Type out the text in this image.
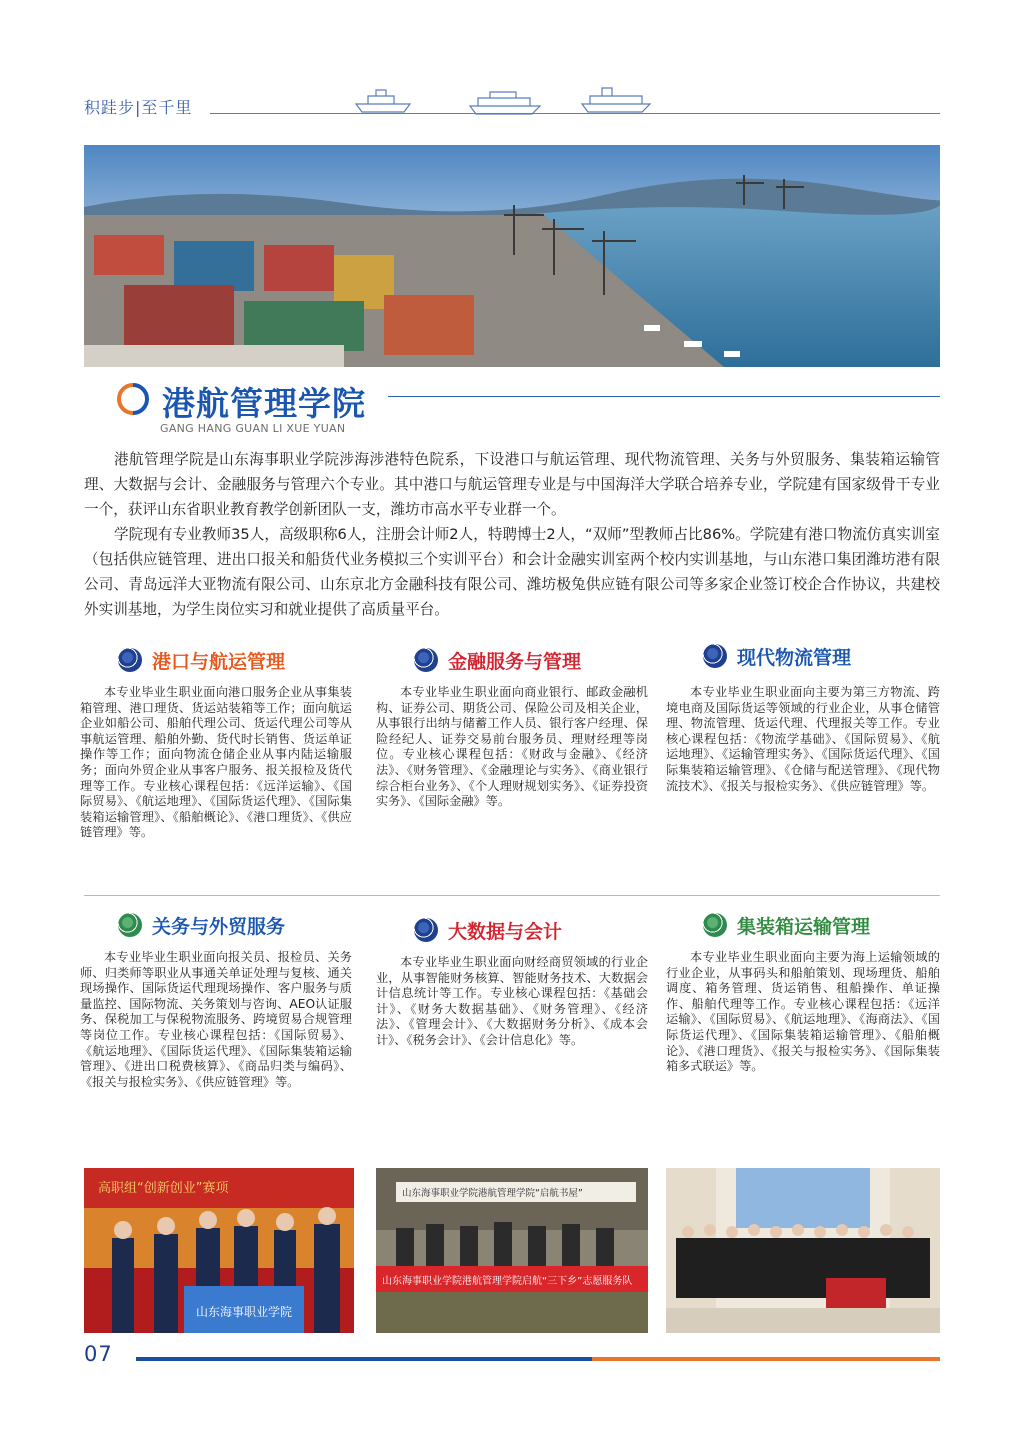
积跬步|至千里
港航管理学院
GANG HANG GUAN LI XUE YUAN

港航管理学院是山东海事职业学院涉海涉港特色院系，下设港口与航运管理、现代物流管理、关务与外贸服务、集装箱运输管理、大数据与会计、金融服务与管理六个专业。其中港口与航运管理专业是与中国海洋大学联合培养专业，学院建有国家级骨干专业一个，获评山东省职业教育教学创新团队一支，潍坊市高水平专业群一个。

学院现有专业教师35人，高级职称6人，注册会计师2人，特聘博士2人，“双师”型教师占比86%。学院建有港口物流仿真实训室（包括供应链管理、进出口报关和船货代业务模拟三个实训平台）和会计金融实训室两个校内实训基地，与山东港口集团潍坊港有限公司、青岛远洋大亚物流有限公司、山东京北方金融科技有限公司、潍坊极兔供应链有限公司等多家企业签订校企合作协议，共建校外实训基地，为学生岗位实习和就业提供了高质量平台。

港口与航运管理

本专业毕业生职业面向港口服务企业从事集装箱管理、港口理货、货运站装箱等工作；面向航运企业如船公司、船舶代理公司、货运代理公司等从事航运管理、船舶外勤、货代时长销售、货运单证操作等工作；面向物流仓储企业从事内陆运输服务；面向外贸企业从事客户服务、报关报检及货代理等工作。专业核心课程包括：《远洋运输》、《国际贸易》、《航运地理》、《国际货运代理》、《国际集装箱运输管理》、《船舶概论》、《港口理货》、《供应链管理》等。

金融服务与管理

本专业毕业生职业面向商业银行、邮政金融机构、证券公司、期货公司、保险公司及相关企业，从事银行出纳与储蓄工作人员、银行客户经理、保险经纪人、证券交易前台服务员、理财经理等岗位。专业核心课程包括：《财政与金融》、《经济法》、《财务管理》、《金融理论与实务》、《商业银行综合柜台业务》、《个人理财规划实务》、《证券投资实务》、《国际金融》等。

现代物流管理

本专业毕业生职业面向主要为第三方物流、跨境电商及国际货运等领域的行业企业，从事仓储管理、物流管理、货运代理、代理报关等工作。专业核心课程包括：《物流学基础》、《国际贸易》、《航运地理》、《运输管理实务》、《国际货运代理》、《国际集装箱运输管理》、《仓储与配送管理》、《现代物流技术》、《报关与报检实务》、《供应链管理》等。

关务与外贸服务

本专业毕业生职业面向报关员、报检员、关务师、归类师等职业从事通关单证处理与复核、通关现场操作、国际货运代理现场操作、客户服务与质量监控、国际物流、关务策划与咨询、AEO认证服务、保税加工与保税物流服务、跨境贸易合规管理等岗位工作。专业核心课程包括：《国际贸易》、《航运地理》、《国际货运代理》、《国际集装箱运输管理》、《进出口税费核算》、《商品归类与编码》、《报关与报检实务》、《供应链管理》等。

大数据与会计

本专业毕业生职业面向财经商贸领域的行业企业，从事智能财务核算、智能财务技术、大数据会计信息统计等工作。专业核心课程包括：《基础会计》、《财务大数据基础》、《财务管理》、《经济法》、《管理会计》、《大数据财务分析》、《成本会计》、《税务会计》、《会计信息化》等。

集装箱运输管理

本专业毕业生职业面向主要为海上运输领域的行业企业，从事码头和船舶策划、现场理货、船舶调度、箱务管理、货运销售、租船操作、单证操作、船舶代理等工作。专业核心课程包括：《远洋运输》、《国际贸易》、《航运地理》、《海商法》、《国际货运代理》、《国际集装箱运输管理》、《船舶概论》、《港口理货》、《报关与报检实务》、《国际集装箱多式联运》等。

高职组“创新创业”赛项
山东海事职业学院
山东海事职业学院港航管理学院“启航书屋”
山东海事职业学院港航管理学院启航“三下乡”志愿服务队
07
